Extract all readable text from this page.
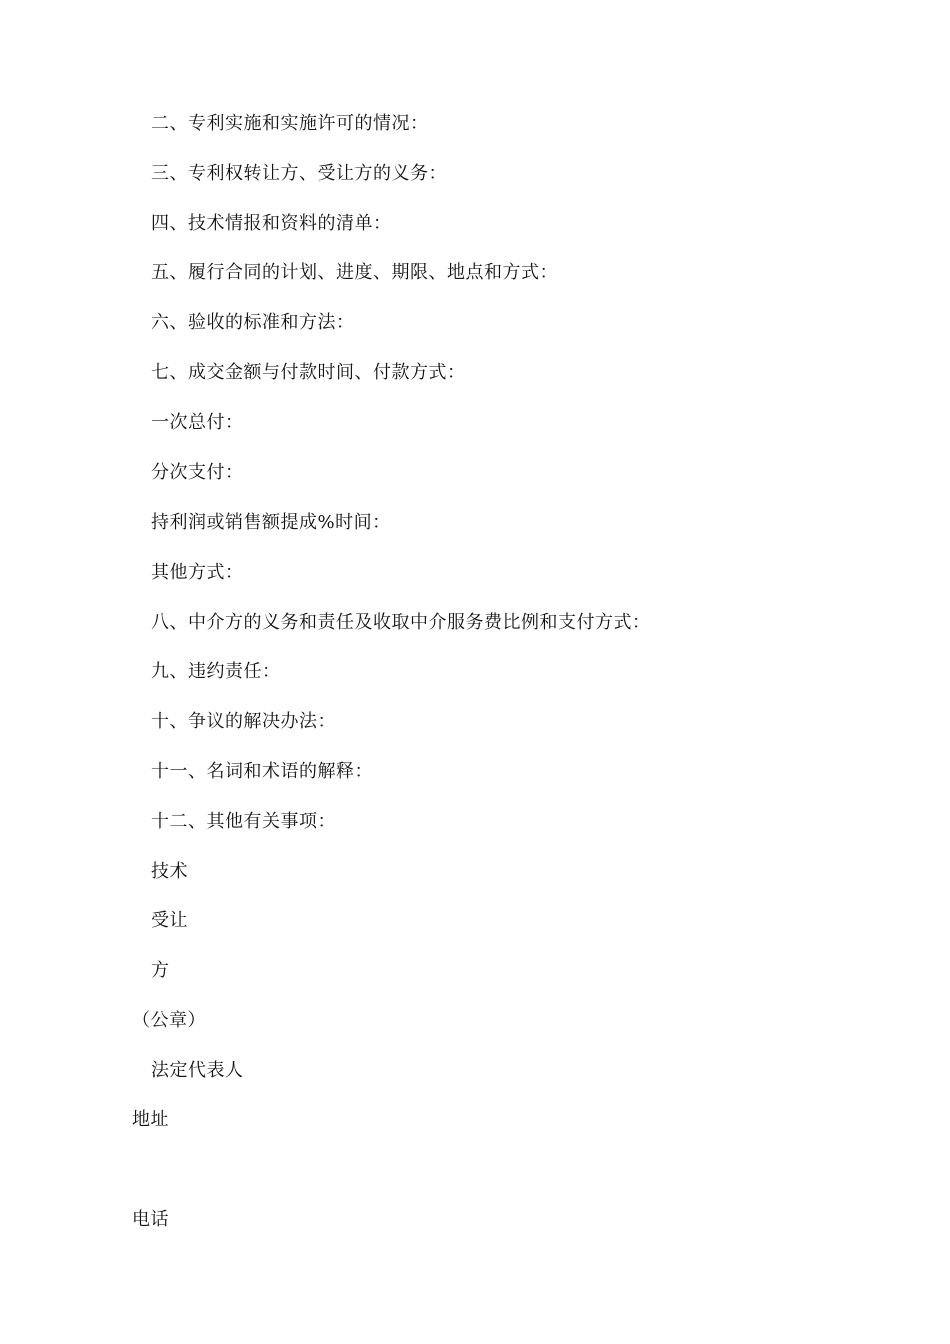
二、专利实施和实施许可的情况：
三、专利权转让方、受让方的义务：
四、技术情报和资料的清单：
五、履行合同的计划、进度、期限、地点和方式：
六、验收的标准和方法：
七、成交金额与付款时间、付款方式：
一次总付：
分次支付：
持利润或销售额提成%时间：
其他方式：
八、中介方的义务和责任及收取中介服务费比例和支付方式：
九、违约责任：
十、争议的解决办法：
十一、名词和术语的解释：
十二、其他有关事项：
技术
受让
方
（公章）
法定代表人
地址
电话
